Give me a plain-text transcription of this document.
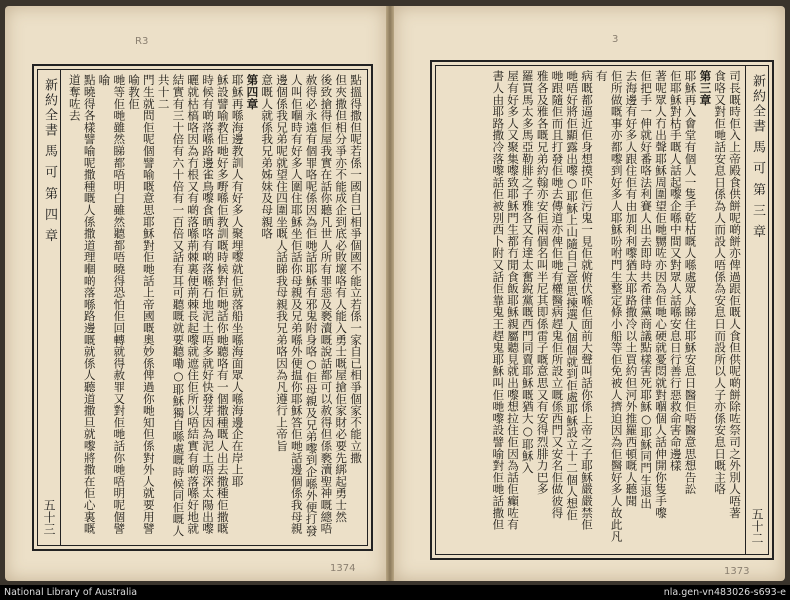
R3
新約全書 馬 可 第 四 章
五十三
點搵得撒但呢若係一國自已相爭個國不能立若係一家自已相爭個家不能立撒
但夾撒但相分爭亦不能成企到底必敗壞咯有人能入勇士嘅屋搶佢家財必要先綁起勇士然
後致搶得佢屋我實在話你聽凡世人所有罪惡及褻瀆嘅說話都可以赦得但係褻瀆聖神嘅總唔
赦得必永遠有個罪咯呢係因為佢哋話耶穌有邪鬼附身咯○佢母親及兄弟嚟到企喺外便打發
人叫佢嗰時有好多人圍住耶穌坐佢話你母親及兄弟喺外便揾你耶穌答佢哋話邊個係我母親
邊個係我兄弟呢就望住四圍坐嘅人話睇我母親我兄弟咯因為凡遵行上帝旨
意嘅人就係我兄弟姊妹及母親咯
第四章
耶穌再喺海邊教訓人有好多人聚埋嚟就佢就落船坐喺海面眾人喺海邊企在岸上耶
穌設譬喻教佢哋好多嘢喺佢教訓嘅時候對佢哋話你哋聽咯有一個撒種嘅人出去撒種佢撒嘅
時候有啲落喺路邊雀鳥嚟食晒咯有啲落喺石地泥土唔多就好快發芽因為泥土唔深太陽出嚟
曬就枯槁咯因為冇根又有啲落喺荊棘裏便荊棘長起嚟就遮住佢所以唔結實有啲落喺好地就
結實有三十倍有六十倍有一百倍又話有耳可聽嘅就要聽嘞○耶穌獨自喺處嘅時候同佢嘅人共十二
門生就問佢呢個譬喻嘅意思耶穌對佢哋話上帝國嘅奧妙係俾過你哋知但係對外人就要用譬喻教佢
哋等佢哋雖然睇都唔明白雖然聽都唔曉得恐怕佢回轉就得赦罪又對佢哋話你哋唔明呢個譬喻
點曉得各樣譬喻呢撒種嘅人係撒道理嗰啲落喺路邊嘅就係人聽道撒旦就嚟將撒在佢心裏嘅道奪咗去
1374
3
新約全書 馬 可 第 三 章
五十二
司長嘅時佢入上帝殿食供餅呢啲餅亦俾過跟佢嘅人食但供呢啲餅除咗祭司之外別人唔著
食咯又對佢哋話安息日係為人而設人唔係為安息日而設所以人子亦係安息日嘅主咯
第三章
耶穌再入會堂有個人一隻手乾枯嘅人喺處眾人睇住耶穌安息日醫佢唔醫意思想告訟
佢耶穌對枯手嘅人話起嚟企喺中間又對眾人話喺安息日行善行惡救命害命邊樣
著呢眾人冇出聲耶穌周圍望佢哋嬲咗亦因為佢哋心硬就憂悶就對嗰個人話伸開你隻手嚟
佢把手一伸就好番咯法利賽人出去即時共希律黨商議點樣害死耶穌○耶穌同門生退出
去海邊有好多人跟住佢有由加利利嚟猶太耶路撒冷以土買約但河外推羅西頓嘅人聽聞
佢所做嘅事亦都嚟到好多人耶穌吩咐門生整定條小船等佢免被人擠迫因為佢醫好多人故此凡有
病嘅都逼近佢身想摸吓佢污鬼一見佢就俯伏喺佢面前大聲叫話你係上帝之子耶穌嚴嚴禁佢
哋唔好將佢顯露出嚟○耶穌上山隨自己意思揀選人個個就到佢處耶穌設立十二個人想佢
哋跟隨佢而且打發佢哋去傳道亦俾佢哋有權醫病趕鬼佢所設立嘅係西門又安名佢做彼得
雅各及雅各嘅兄弟約翰亦安佢兩個名叫半尼其即係雷子嘅意思又有安得烈腓力巴多
羅買馬太多馬亞勒腓之子雅各又有達太奮銳黨嘅西門同賣耶穌嘅猶大○耶穌入
屋有好多人又聚集嚟致耶穌門生都冇閒食飯耶穌親屬聽見就出嚟想拉住佢因為話佢癲咗有
書人由耶路撒冷落嚟話佢被別西卜附又話佢靠鬼王趕鬼耶穌叫佢哋嚟設譬喻對佢哋話撒但
1373
National Library of Australia	nla.gen-vn483026-s693-e
